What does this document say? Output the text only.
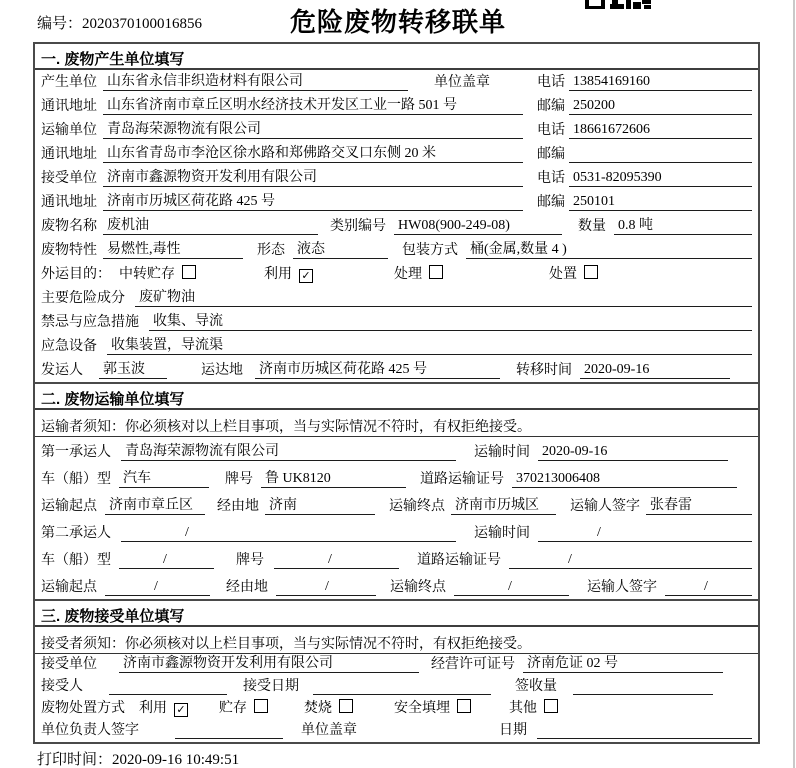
编号：2020370100016856	危险废物转移联单
一. 废物产生单位填写
产生单位 山东省永信非织造材料有限公司	单位盖章	电话 13854169160
通讯地址 山东省济南市章丘区明水经济技术开发区工业一路 501 号	邮编 250200
运输单位 青岛海荣源物流有限公司	电话 18661672606
通讯地址 山东省青岛市李沧区徐水路和郑佛路交叉口东侧 20 米	邮编
接受单位 济南市鑫源物资开发利用有限公司	电话 0531-82095390
通讯地址 济南市历城区荷花路 425 号	邮编 250101
废物名称 废机油	类别编号 HW08(900-249-08)	数量 0.8 吨
废物特性 易燃性,毒性	形态 液态	包装方式 桶(金属,数量 4 )
外运目的： 中转贮存	利用 ✓	处理	处置
主要危险成分 废矿物油
禁忌与应急措施 收集、导流
应急设备 收集装置，导流渠
发运人 郭玉波	运达地 济南市历城区荷花路 425 号	转移时间 2020-09-16
二. 废物运输单位填写
运输者须知：你必须核对以上栏目事项，当与实际情况不符时，有权拒绝接受。
第一承运人 青岛海荣源物流有限公司	运输时间 2020-09-16
车（船）型 汽车	牌号 鲁 UK8120	道路运输证号 370213006408
运输起点 济南市章丘区	经由地 济南	运输终点 济南市历城区	运输人签字 张春雷
第二承运人	/	运输时间	/
车（船）型	/	牌号	/	道路运输证号	/
运输起点	/	经由地	/	运输终点	/	运输人签字	/
三. 废物接受单位填写
接受者须知：你必须核对以上栏目事项，当与实际情况不符时，有权拒绝接受。
接受单位 济南市鑫源物资开发利用有限公司	经营许可证号 济南危证 02 号
接受人	接受日期	签收量
废物处置方式 利用 ✓	贮存	焚烧	安全填埋	其他
单位负责人签字	单位盖章	日期
打印时间：2020-09-16 10:49:51
